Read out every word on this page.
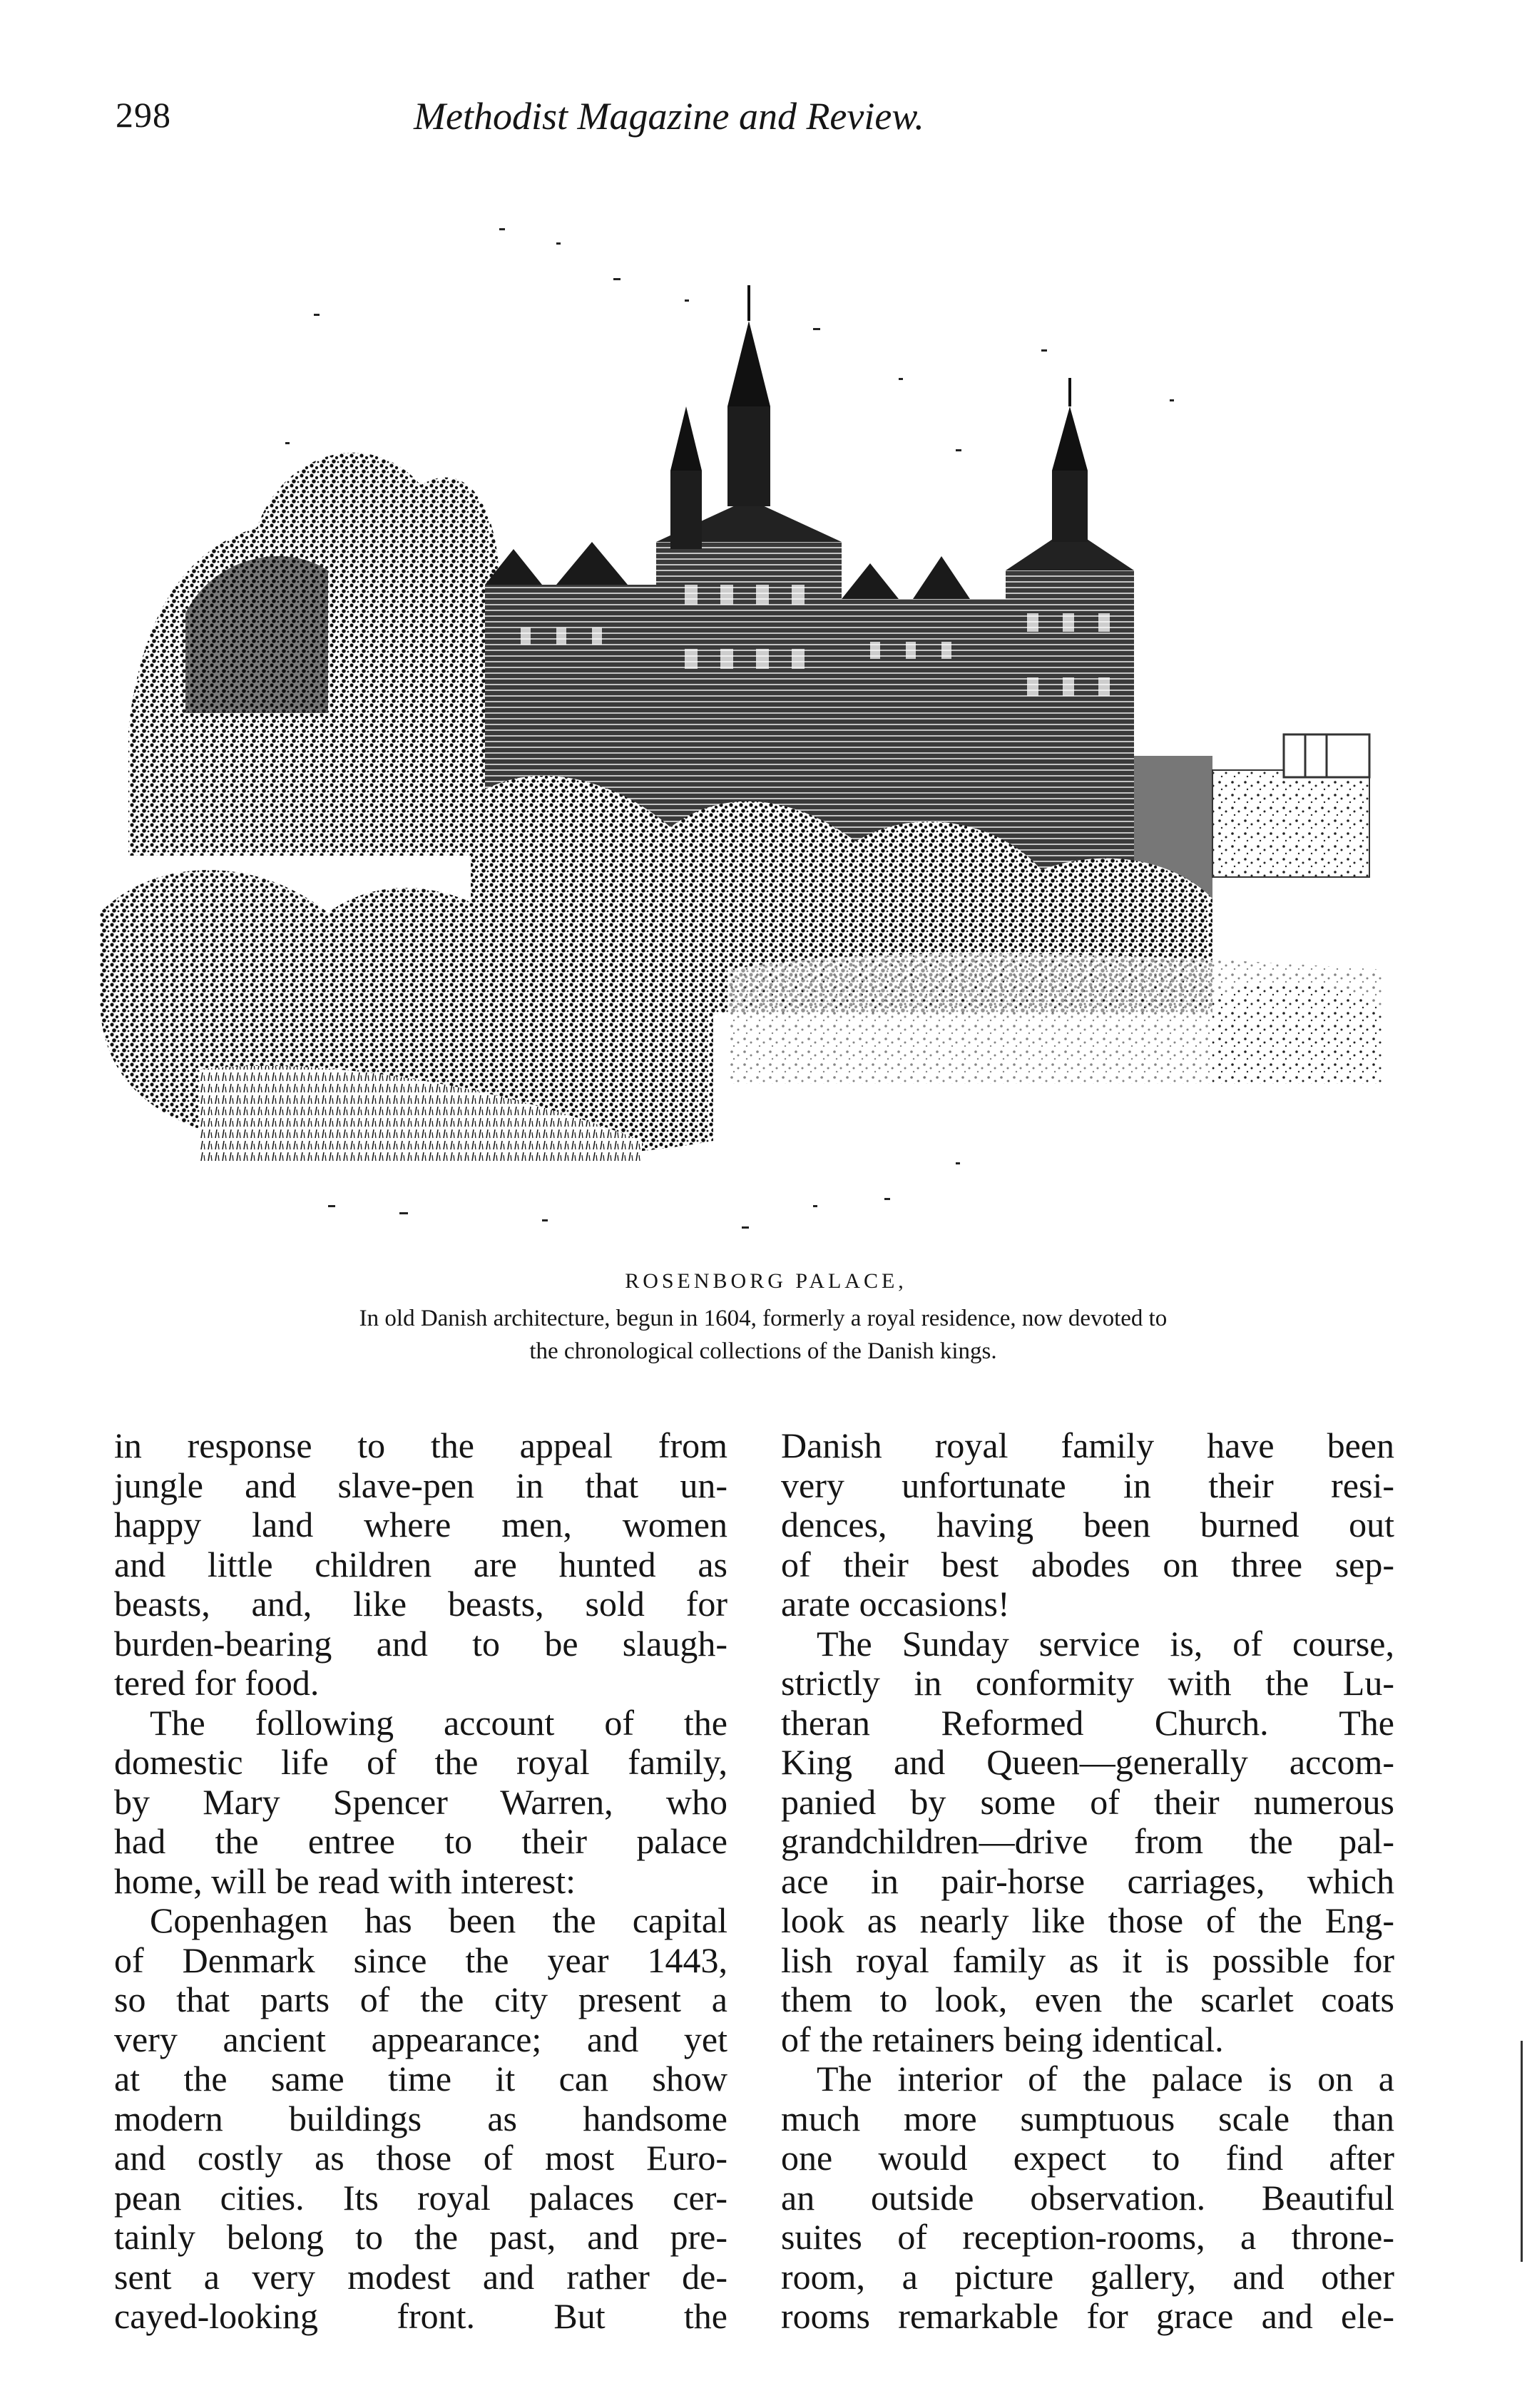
298	Methodist Magazine and Review.
ROSENBORG PALACE,
In old Danish architecture, begun in 1604, formerly a royal residence, now devoted to
the chronological collections of the Danish kings.
in response to the appeal from
jungle and slave-pen in that un-
happy land where men, women
and little children are hunted as
beasts, and, like beasts, sold for
burden-bearing and to be slaugh-
tered for food.
The following account of the
domestic life of the royal family,
by Mary Spencer Warren, who
had the entree to their palace
home, will be read with interest:
Copenhagen has been the capital
of Denmark since the year 1443,
so that parts of the city present a
very ancient appearance; and yet
at the same time it can show
modern buildings as handsome
and costly as those of most Euro-
pean cities. Its royal palaces cer-
tainly belong to the past, and pre-
sent a very modest and rather de-
cayed-looking front. But the
Danish royal family have been
very unfortunate in their resi-
dences, having been burned out
of their best abodes on three sep-
arate occasions!
The Sunday service is, of course,
strictly in conformity with the Lu-
theran Reformed Church. The
King and Queen—generally accom-
panied by some of their numerous
grandchildren—drive from the pal-
ace in pair-horse carriages, which
look as nearly like those of the Eng-
lish royal family as it is possible for
them to look, even the scarlet coats
of the retainers being identical.
The interior of the palace is on a
much more sumptuous scale than
one would expect to find after
an outside observation. Beautiful
suites of reception-rooms, a throne-
room, a picture gallery, and other
rooms remarkable for grace and ele-
